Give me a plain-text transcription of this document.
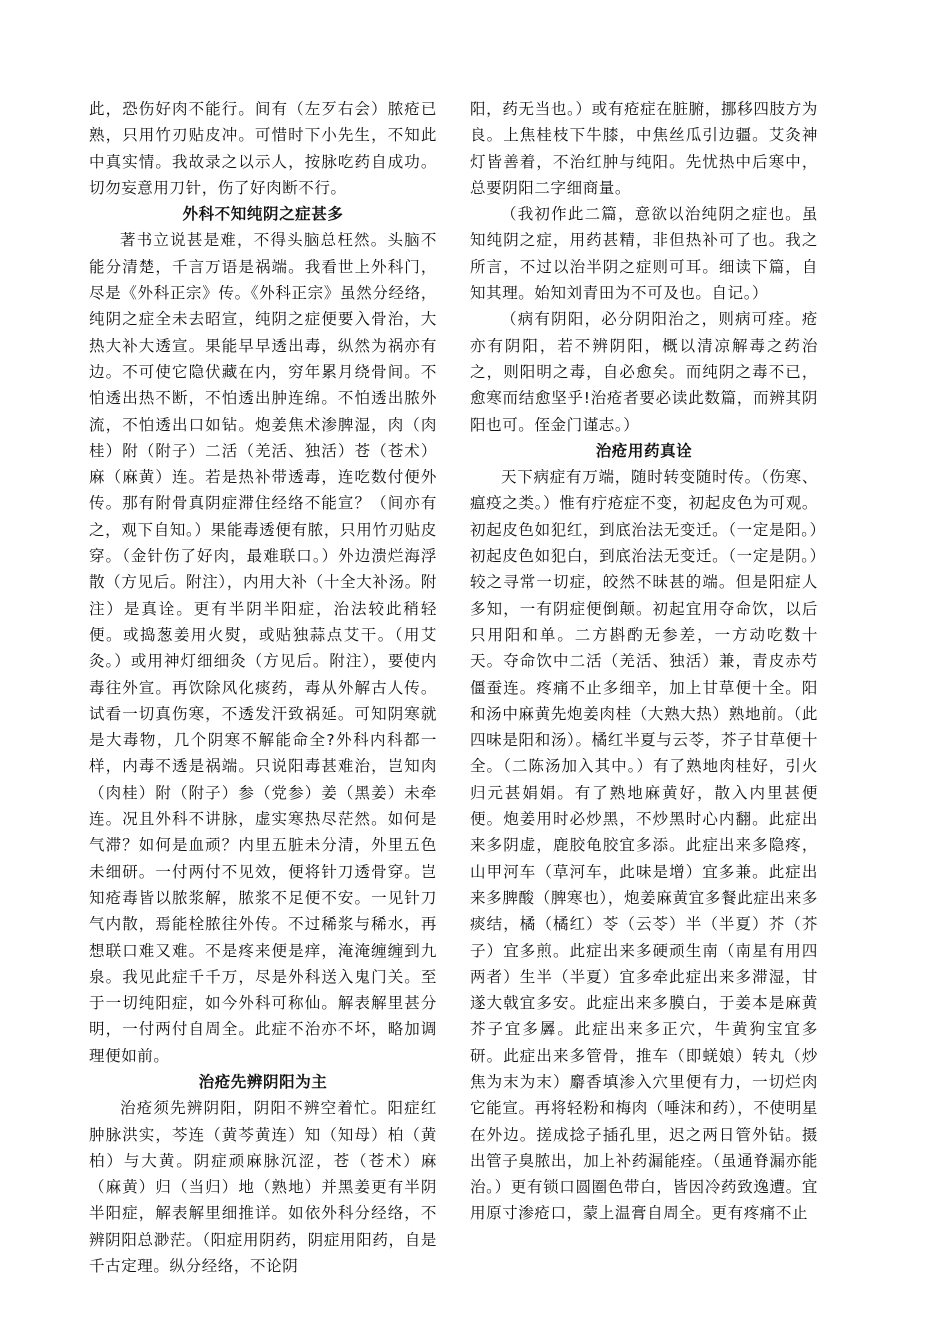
此，恐伤好肉不能行。间有（左歹右会）脓疮已熟，只用竹刃贴皮冲。可惜时下小先生，不知此中真实情。我故录之以示人，按脉吃药自成功。切勿妄意用刀针，伤了好肉断不行。

外科不知纯阴之症甚多

著书立说甚是难，不得头脑总枉然。头脑不能分清楚，千言万语是祸端。我看世上外科门，尽是《外科正宗》传。《外科正宗》虽然分经络，纯阴之症全未去昭宣，纯阴之症便要入骨治，大热大补大透宣。果能早早透出毒，纵然为祸亦有边。不可使它隐伏藏在内，穷年累月绕骨间。不怕透出热不断，不怕透出肿连绵。不怕透出脓外流，不怕透出口如钻。炮姜焦术渗脾湿，肉（肉桂）附（附子）二活（羌活、独活）苍（苍术）麻（麻黄）连。若是热补带透毒，连吃数付便外传。那有附骨真阴症滞住经络不能宣？（间亦有之，观下自知。）果能毒透便有脓，只用竹刃贴皮穿。（金针伤了好肉，最难联口。）外边溃烂海浮散（方见后。附注），内用大补（十全大补汤。附注）是真诠。更有半阴半阳症，治法较此稍轻便。或捣葱姜用火熨，或贴独蒜点艾干。（用艾灸。）或用神灯细细灸（方见后。附注），要使内毒往外宣。再饮除风化痰药，毒从外解古人传。试看一切真伤寒，不透发汗致祸延。可知阴寒就是大毒物，几个阴寒不解能命全?外科内科都一样，内毒不透是祸端。只说阳毒甚难治，岂知肉（肉桂）附（附子）参（党参）姜（黑姜）未牵连。况且外科不讲脉，虚实寒热尽茫然。如何是气滞？如何是血顽？内里五脏未分清，外里五色未细研。一付两付不见效，便将针刀透骨穿。岂知疮毒皆以脓浆解，脓浆不足便不安。一见针刀气内散，焉能栓脓往外传。不过稀浆与稀水，再想联口难又难。不是疼来便是痒，淹淹缠缠到九泉。我见此症千千万，尽是外科送入鬼门关。至于一切纯阳症，如今外科可称仙。解表解里甚分明，一付两付自周全。此症不治亦不坏，略加调理便如前。

治疮先辨阴阳为主

治疮须先辨阴阳，阴阳不辨空着忙。阳症红肿脉洪实，芩连（黄芩黄连）知（知母）柏（黄柏）与大黄。阴症顽麻脉沉涩，苍（苍术）麻（麻黄）归（当归）地（熟地）并黑姜更有半阴半阳症，解表解里细推详。如依外科分经络，不辨阴阳总渺茫。（阳症用阴药，阴症用阳药，自是千古定理。纵分经络，不论阴

阳，药无当也。）或有疮症在脏腑，挪移四肢方为良。上焦桂枝下牛膝，中焦丝瓜引边疆。艾灸神灯皆善着，不治红肿与纯阳。先忧热中后寒中，总要阴阳二字细商量。

（我初作此二篇，意欲以治纯阴之症也。虽知纯阴之症，用药甚精，非但热补可了也。我之所言，不过以治半阴之症则可耳。细读下篇，自知其理。始知刘青田为不可及也。自记。）

（病有阴阳，必分阴阳治之，则病可痊。疮亦有阴阳，若不辨阴阳，概以清凉解毒之药治之，则阳明之毒，自必愈矣。而纯阴之毒不已，愈寒而结愈坚乎!治疮者要必读此数篇，而辨其阴阳也可。侄金门谨志。）

治疮用药真诠

天下病症有万端，随时转变随时传。（伤寒、瘟疫之类。）惟有疔疮症不变，初起皮色为可观。初起皮色如犯红，到底治法无变迁。（一定是阳。）初起皮色如犯白，到底治法无变迁。（一定是阴。）较之寻常一切症，皎然不昧甚的端。但是阳症人多知，一有阴症便倒颠。初起宜用夺命饮，以后只用阳和单。二方斟酌无参差，一方动吃数十天。夺命饮中二活（羌活、独活）兼，青皮赤芍僵蚕连。疼痛不止多细辛，加上甘草便十全。阳和汤中麻黄先炮姜肉桂（大熟大热）熟地前。（此四味是阳和汤）。橘红半夏与云苓，芥子甘草便十全。（二陈汤加入其中。）有了熟地肉桂好，引火归元甚娟娟。有了熟地麻黄好，散入内里甚便便。炮姜用时必炒黑，不炒黑时心内翻。此症出来多阴虚，鹿胶龟胶宜多添。此症出来多隐疼，山甲河车（草河车，此味是增）宜多兼。此症出来多脾酸（脾寒也），炮姜麻黄宜多餐此症出来多痰结，橘（橘红）苓（云苓）半（半夏）芥（芥子）宜多煎。此症出来多硬顽生南（南星有用四两者）生半（半夏）宜多牵此症出来多滞湿，甘遂大戟宜多安。此症出来多膜白，于姜本是麻黄芥子宜多羼。此症出来多正穴，牛黄狗宝宜多研。此症出来多管骨，推车（即蜣娘）转丸（炒焦为末为末）麝香填渗入穴里便有力，一切烂肉它能宣。再将轻粉和梅肉（唾沫和药），不使明星在外边。搓成捻子插孔里，迟之两日管外钻。摄出管子臭脓出，加上补药漏能痊。（虽通脊漏亦能治。）更有锁口圆圈色带白，皆因冷药致逸遭。宜用原寸渗疮口，蒙上温膏自周全。更有疼痛不止
